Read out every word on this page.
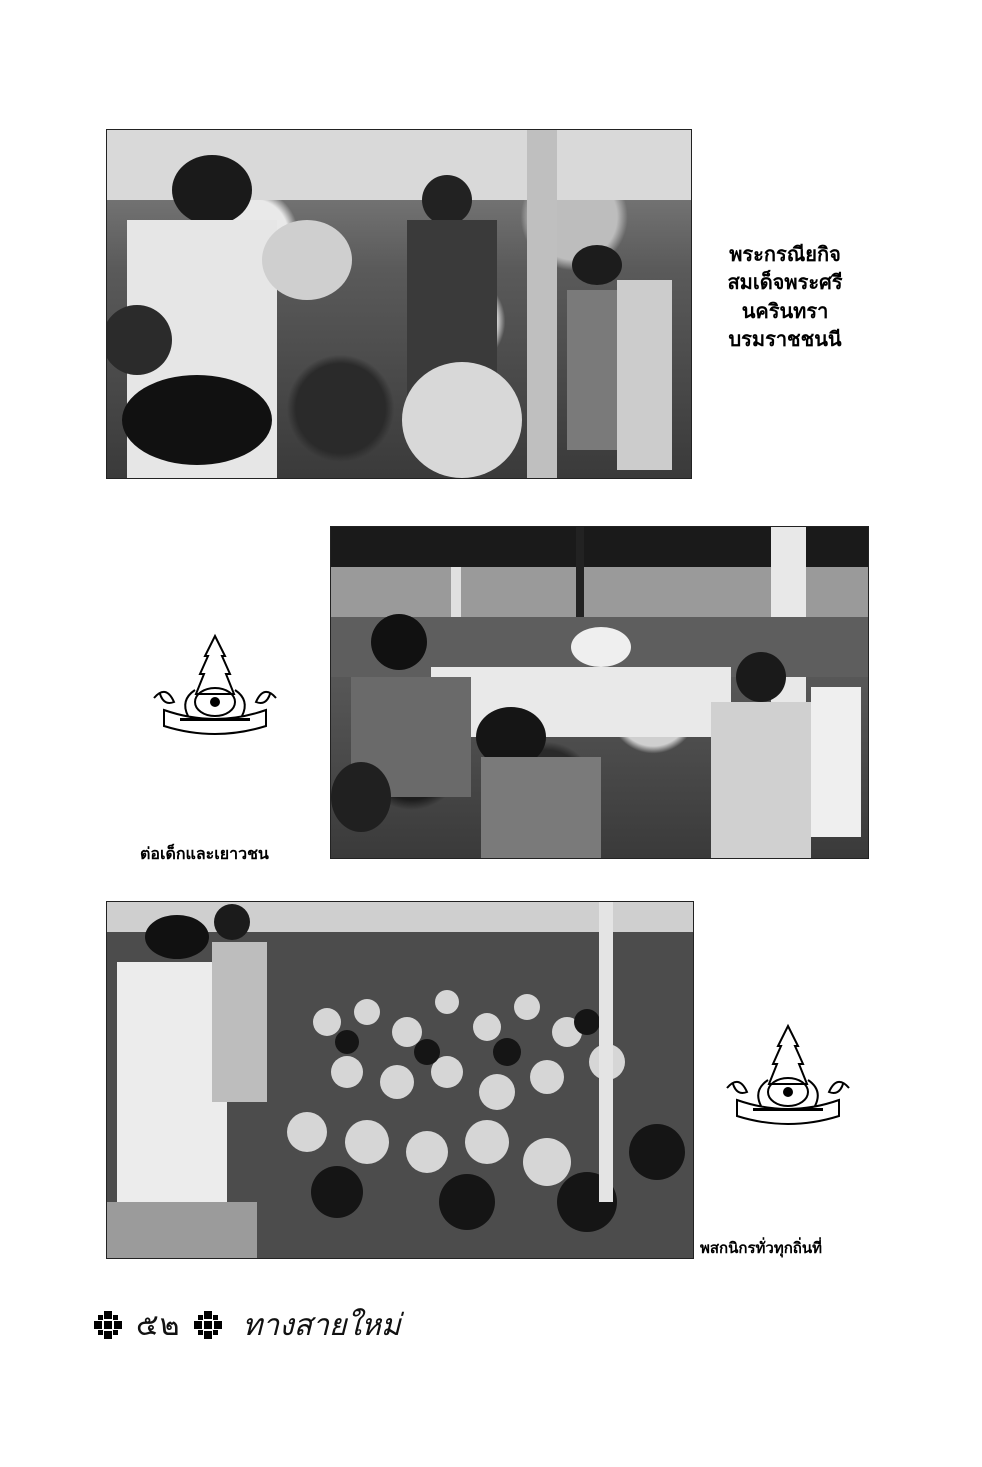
พระกรณียกิจ
สมเด็จพระศรี
นครินทรา
บรมราชชนนี
ต่อเด็กและเยาวชน
พสกนิกรทั่วทุกถิ่นที่
๕๒ ทางสายใหม่
